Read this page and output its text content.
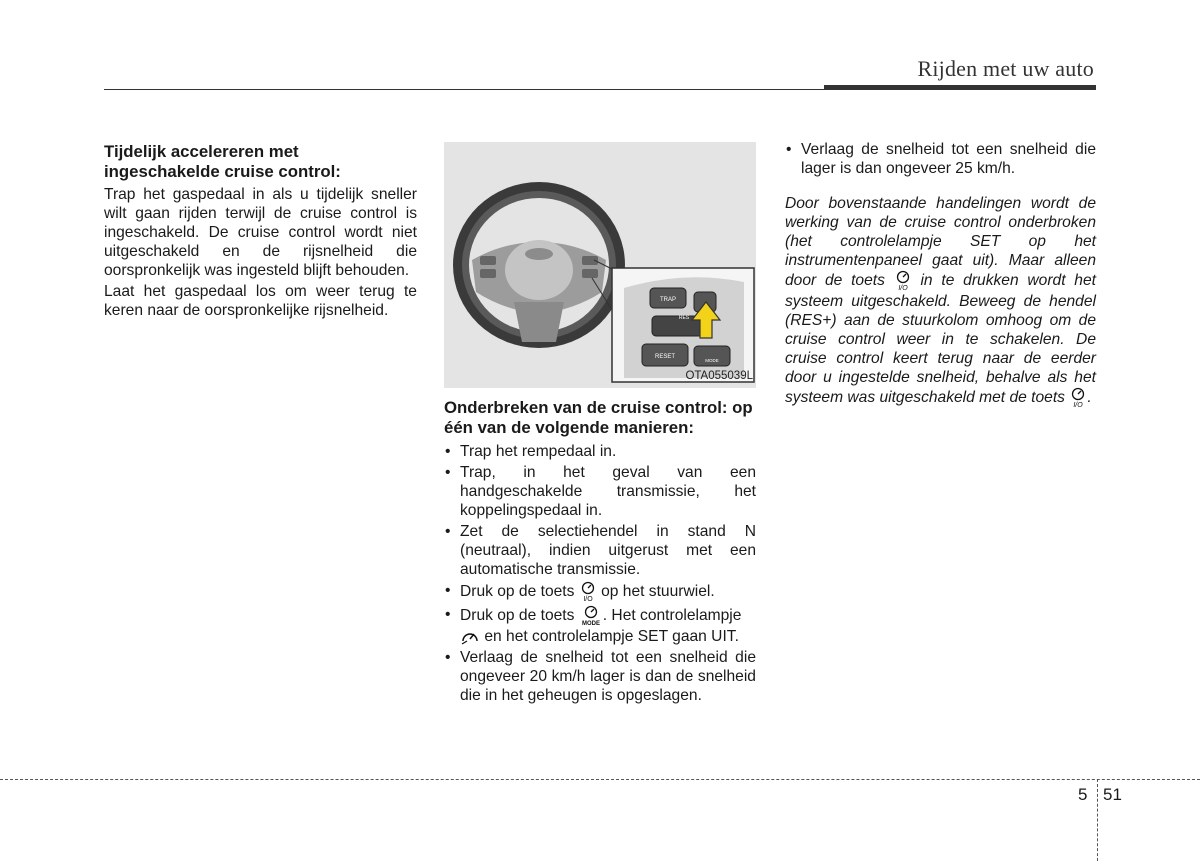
Rijden met uw auto
Tijdelijk accelereren met ingeschakelde cruise control:

Trap het gaspedaal in als u tijdelijk sneller wilt gaan rijden terwijl de cruise control is ingeschakeld. De cruise control wordt niet uitgeschakeld en de rijsnelheid die oorspronkelijk was ingesteld blijft behouden.

Laat het gaspedaal los om weer terug te keren naar de oorspronkelijke rijsnelheid.

TRAP
RESET
RES
MODE
OTA055039L
Onderbreken van de cruise control: op één van de volgende manieren:
• Trap het rempedaal in.
• Trap, in het geval van een handgeschakelde transmissie, het koppelingspedaal in.
• Zet de selectiehendel in stand N (neutraal), indien uitgerust met een automatische transmissie.
• Druk op de toets I/O op het stuurwiel.
• Druk op de toets MODE . Het controlelampje
en het controlelampje SET gaan UIT.
• Verlaag de snelheid tot een snelheid die ongeveer 20 km/h lager is dan de snelheid die in het geheugen is opgeslagen.
• Verlaag de snelheid tot een snelheid die lager is dan ongeveer 25 km/h.

Door bovenstaande handelingen wordt de werking van de cruise control onderbroken (het controlelampje SET op het instrumentenpaneel gaat uit). Maar alleen door de toets I/O in te drukken wordt het systeem uitgeschakeld. Beweeg de hendel (RES+) aan de stuurkolom omhoog om de cruise control weer in te schakelen. De cruise control keert terug naar de eerder door u ingestelde snelheid, behalve als het systeem was uitgeschakeld met de toets I/O .

5 51
